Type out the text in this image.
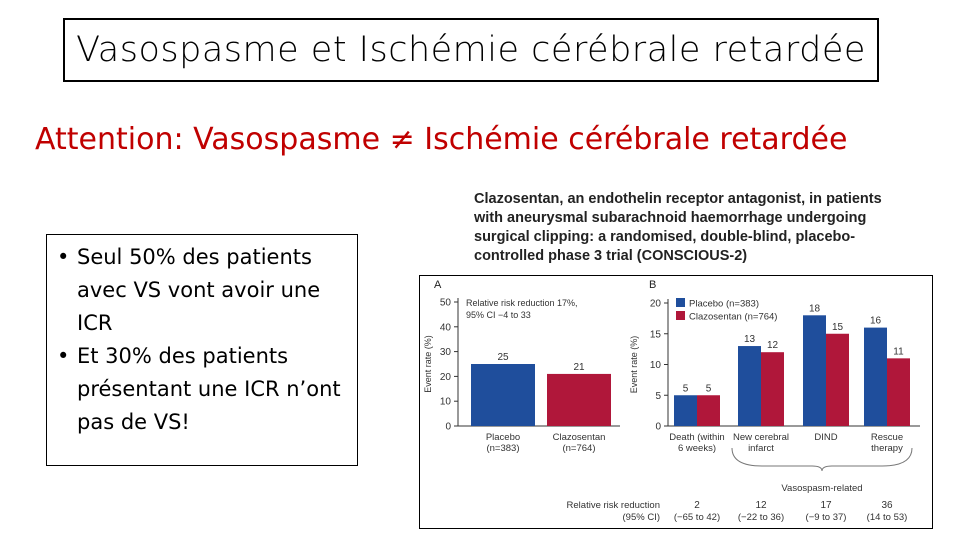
Vasospasme et Ischémie cérébrale retardée
Attention: Vasospasme ≠ Ischémie cérébrale retardée
• Seul 50% des patients avec VS vont avoir une ICR
• Et 30% des patients présentant une ICR n’ont pas de VS!
Clazosentan, an endothelin receptor antagonist, in patients with aneurysmal subarachnoid haemorrhage undergoing surgical clipping: a randomised, double-blind, placebo-controlled phase 3 trial (CONSCIOUS-2)
A
0
10
20
30
40
50
Event rate (%)
Relative risk reduction 17%,
95% CI −4 to 33
25
Placebo
(n=383)
21
Clazosentan
(n=764)
B
0
5
10
15
20
Event rate (%)
Placebo (n=383)
Clazosentan (n=764)
5 5
Death (within
6 weeks)
13
12
New cerebral
infarct
18
15
DIND
16
11
Rescue
therapy
Vasospasm-related
Relative risk reduction
(95% CI)
2
(−65 to 42)
12
(−22 to 36)
17
(−9 to 37)
36
(14 to 53)
